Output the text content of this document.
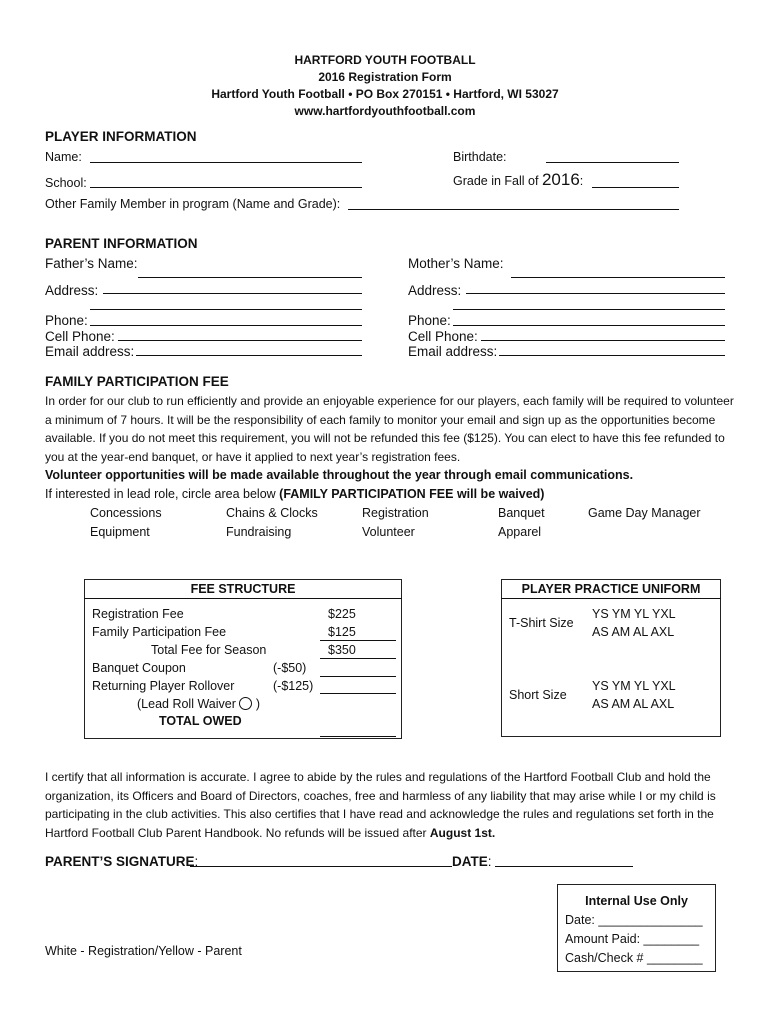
HARTFORD YOUTH FOOTBALL
2016 Registration Form
Hartford Youth Football • PO Box 270151 • Hartford, WI 53027
www.hartfordyouthfootball.com
PLAYER INFORMATION
Name:	Birthdate:
School:	Grade in Fall of 2016:
Other Family Member in program (Name and Grade):
PARENT INFORMATION
Father’s Name:	Mother’s Name:
Address:	Address:
Phone:	Phone:
Cell Phone:	Cell Phone:
Email address:	Email address:
FAMILY PARTICIPATION FEE
In order for our club to run efficiently and provide an enjoyable experience for our players, each family will be required to volunteer a minimum of 7 hours. It will be the responsibility of each family to monitor your email and sign up as the opportunities become available. If you do not meet this requirement, you will not be refunded this fee ($125). You can elect to have this fee refunded to you at the year-end banquet, or have it applied to next year’s registration fees.
Volunteer opportunities will be made available throughout the year through email communications.
If interested in lead role, circle area below (FAMILY PARTICIPATION FEE will be waived)
Concessions	Chains & Clocks	Registration	Banquet	Game Day Manager
Equipment	Fundraising	Volunteer	Apparel
FEE STRUCTURE
Registration Fee	$225
Family Participation Fee	$125
Total Fee for Season	$350
Banquet Coupon	(-$50)
Returning Player Rollover	(-$125)
(Lead Roll Waiver )
TOTAL OWED
PLAYER PRACTICE UNIFORM
T-Shirt Size
YS YM YL YXL
AS AM AL AXL
Short Size
YS YM YL YXL
AS AM AL AXL
I certify that all information is accurate. I agree to abide by the rules and regulations of the Hartford Football Club and hold the organization, its Officers and Board of Directors, coaches, free and harmless of any liability that may arise while I or my child is participating in the club activities. This also certifies that I have read and acknowledge the rules and regulations set forth in the Hartford Football Club Parent Handbook. No refunds will be issued after August 1st.
PARENT’S SIGNATURE:	DATE:
White - Registration/Yellow - Parent
Internal Use Only
Date: _______________
Amount Paid: ________
Cash/Check # ________
